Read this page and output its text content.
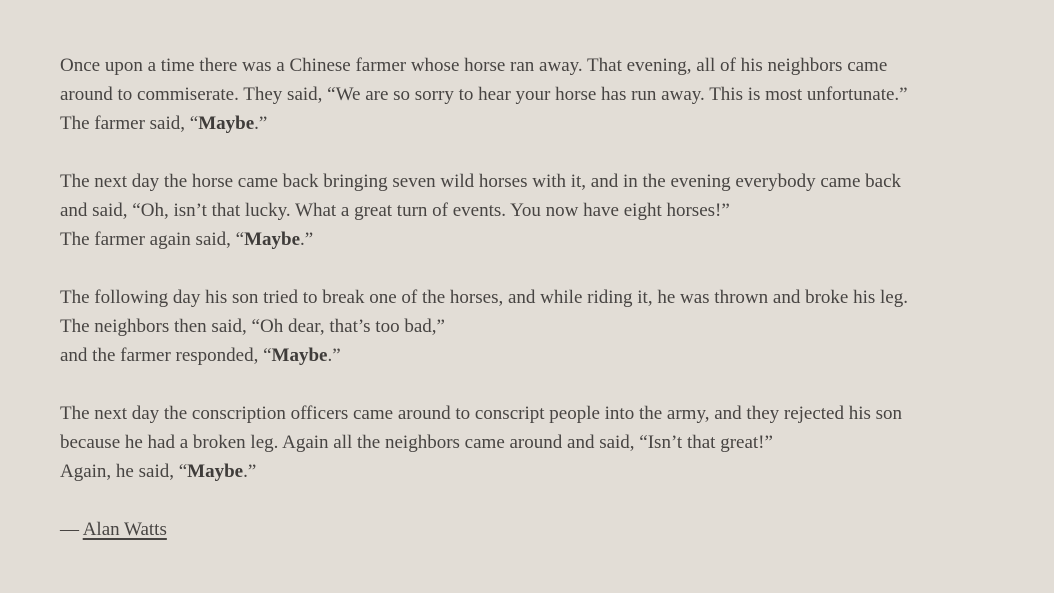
Once upon a time there was a Chinese farmer whose horse ran away. That evening, all of his neighbors came
around to commiserate. They said, “We are so sorry to hear your horse has run away. This is most unfortunate.”
The farmer said, “Maybe.”

The next day the horse came back bringing seven wild horses with it, and in the evening everybody came back
and said, “Oh, isn’t that lucky. What a great turn of events. You now have eight horses!”
The farmer again said, “Maybe.”

The following day his son tried to break one of the horses, and while riding it, he was thrown and broke his leg.
The neighbors then said, “Oh dear, that’s too bad,”
and the farmer responded, “Maybe.”

The next day the conscription officers came around to conscript people into the army, and they rejected his son
because he had a broken leg. Again all the neighbors came around and said, “Isn’t that great!”
Again, he said, “Maybe.”

— Alan Watts
